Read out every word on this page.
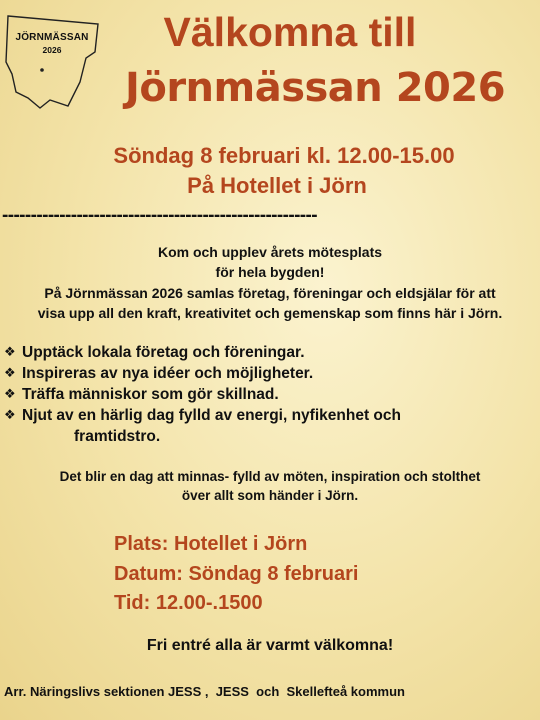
JÖRNMÄSSAN
2026	Välkomna till
Jörnmässan 2026
Söndag 8 februari kl. 12.00-15.00
På Hotellet i Jörn
-------------------------------------------------------
Kom och upplev årets mötesplats
för hela bygden!
På Jörnmässan 2026 samlas företag, föreningar och eldsjälar för att
visa upp all den kraft, kreativitet och gemenskap som finns här i Jörn.
❖ Upptäck lokala företag och föreningar.
❖ Inspireras av nya idéer och möjligheter.
❖ Träffa människor som gör skillnad.
❖ Njut av en härlig dag fylld av energi, nyfikenhet och
framtidstro.
Det blir en dag att minnas- fylld av möten, inspiration och stolthet
över allt som händer i Jörn.
Plats: Hotellet i Jörn
Datum: Söndag 8 februari
Tid: 12.00-.1500
Fri entré alla är varmt välkomna!
Arr. Näringslivs sektionen JESS ,  JESS  och  Skellefteå kommun
